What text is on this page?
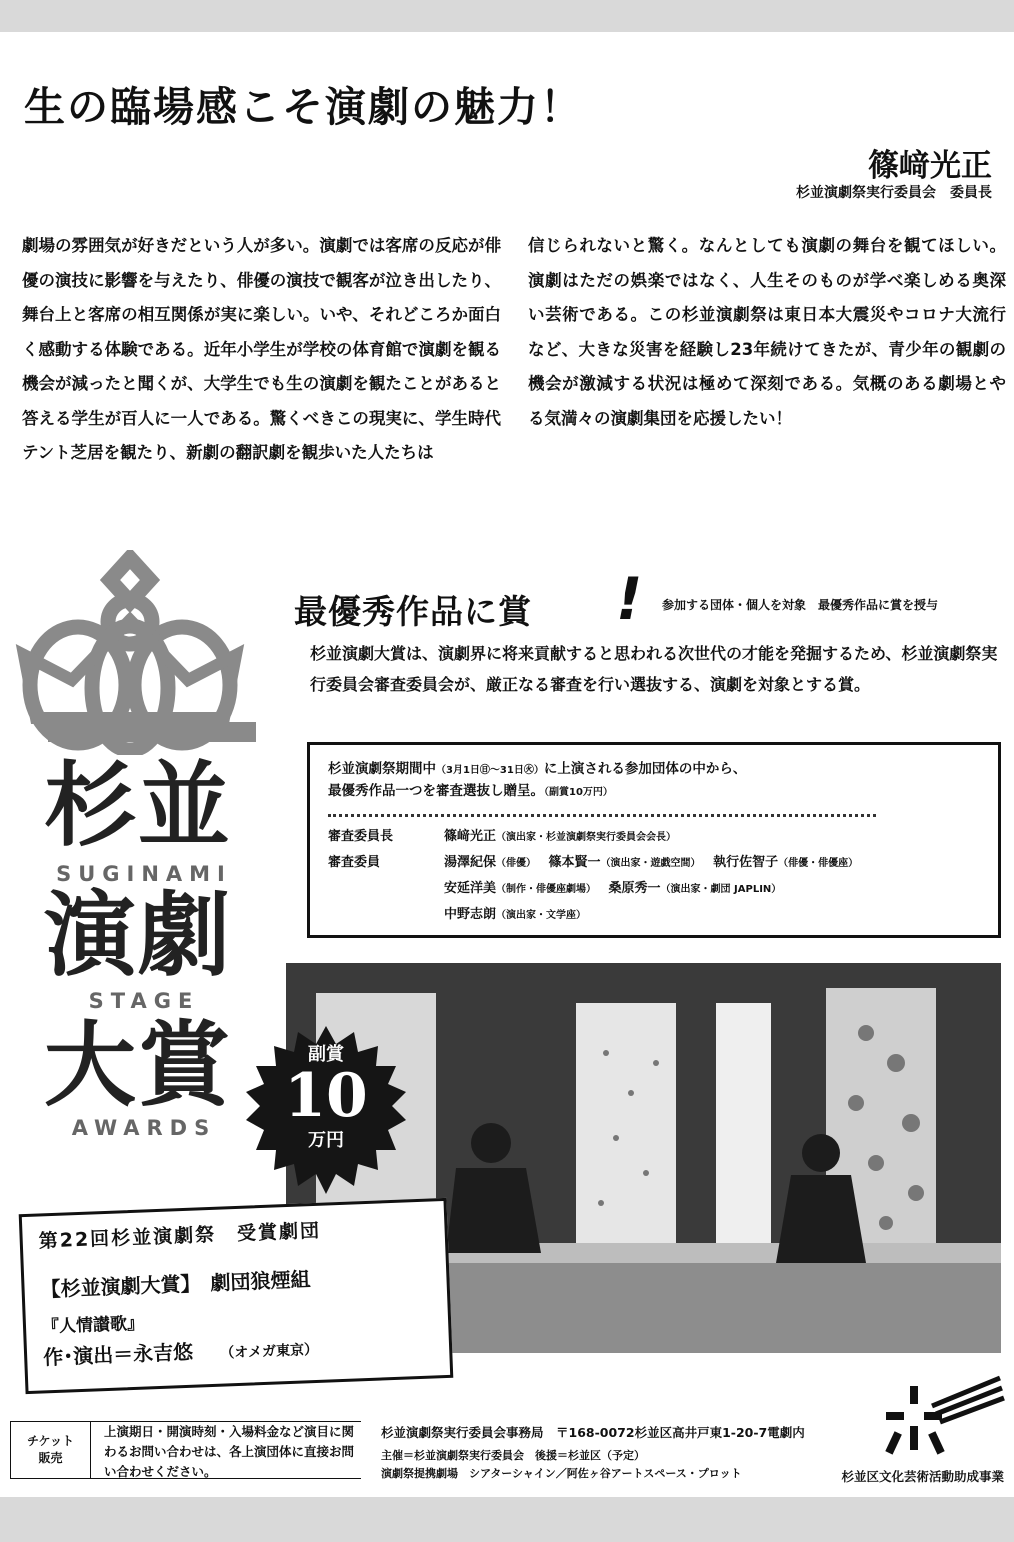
生の臨場感こそ演劇の魅力！
篠﨑光正
杉並演劇祭実行委員会　委員長
劇場の雰囲気が好きだという人が多い。演劇では客席の反応が俳優の演技に影響を与えたり、俳優の演技で観客が泣き出したり、舞台上と客席の相互関係が実に楽しい。いや、それどころか面白く感動する体験である。近年小学生が学校の体育館で演劇を観る機会が減ったと聞くが、大学生でも生の演劇を観たことがあると答える学生が百人に一人である。驚くべきこの現実に、学生時代テント芝居を観たり、新劇の翻訳劇を観歩いた人たちは
信じられないと驚く。なんとしても演劇の舞台を観てほしい。演劇はただの娯楽ではなく、人生そのものが学べ楽しめる奥深い芸術である。この杉並演劇祭は東日本大震災やコロナ大流行など、大きな災害を経験し23年続けてきたが、青少年の観劇の機会が激減する状況は極めて深刻である。気概のある劇場とやる気満々の演劇集団を応援したい！
杉並
SUGINAMI
演劇
STAGE
大賞
AWARDS
最優秀作品に賞 ! 参加する団体・個人を対象　最優秀作品に賞を授与
杉並演劇大賞は、演劇界に将来貢献すると思われる次世代の才能を発掘するため、杉並演劇祭実行委員会審査委員会が、厳正なる審査を行い選抜する、演劇を対象とする賞。
杉並演劇祭期間中（3月1日㊐～31日㊋）に上演される参加団体の中から、
最優秀作品一つを審査選抜し贈呈。（副賞10万円）
審査委員長	篠﨑光正（演出家・杉並演劇祭実行委員会会長）
審査委員	湯澤紀保（俳優）　 篠本賢一（演出家・遊戯空間）　 執行佐智子（俳優・俳優座）
安延洋美（制作・俳優座劇場）　 桑原秀一（演出家・劇団 JAPLIN）
中野志朗（演出家・文学座）
副賞
10
万円
第22回杉並演劇祭　受賞劇団
【杉並演劇大賞】　劇団狼煙組
『人情讃歌』
作･演出＝永吉悠 （オメガ東京）
チケット
販売
上演期日・開演時刻・入場料金など演目に関わるお問い合わせは、各上演団体に直接お問い合わせください。
杉並演劇祭実行委員会事務局　〒168-0072杉並区高井戸東1-20-7電劇内
主催＝杉並演劇祭実行委員会　後援＝杉並区（予定）
演劇祭提携劇場　シアターシャイン／阿佐ヶ谷アートスペース・プロット	杉並区文化芸術活動助成事業
